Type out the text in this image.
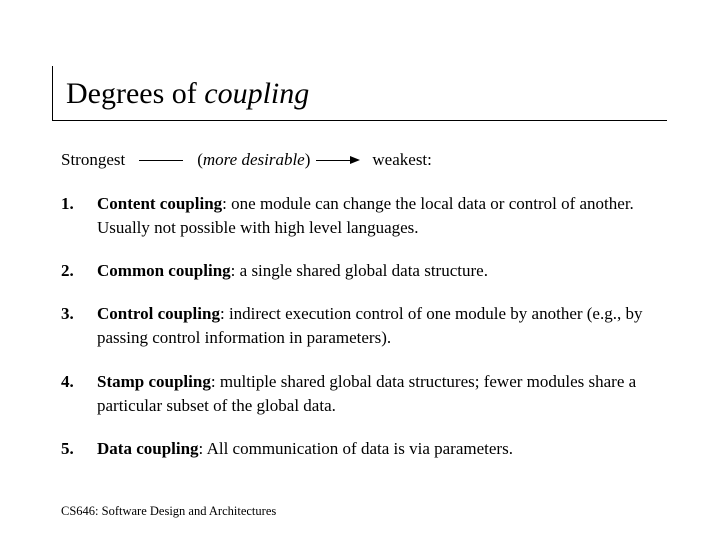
Degrees of coupling
Strongest	( more desirable )	weakest:
1. Content coupling: one module can change the local data or control of another. Usually not possible with high level languages.
2. Common coupling: a single shared global data structure.
3. Control coupling: indirect execution control of one module by another (e.g., by passing control information in parameters).
4. Stamp coupling: multiple shared global data structures; fewer modules share a particular subset of the global data.
5. Data coupling: All communication of data is via parameters.
CS646: Software Design and Architectures
